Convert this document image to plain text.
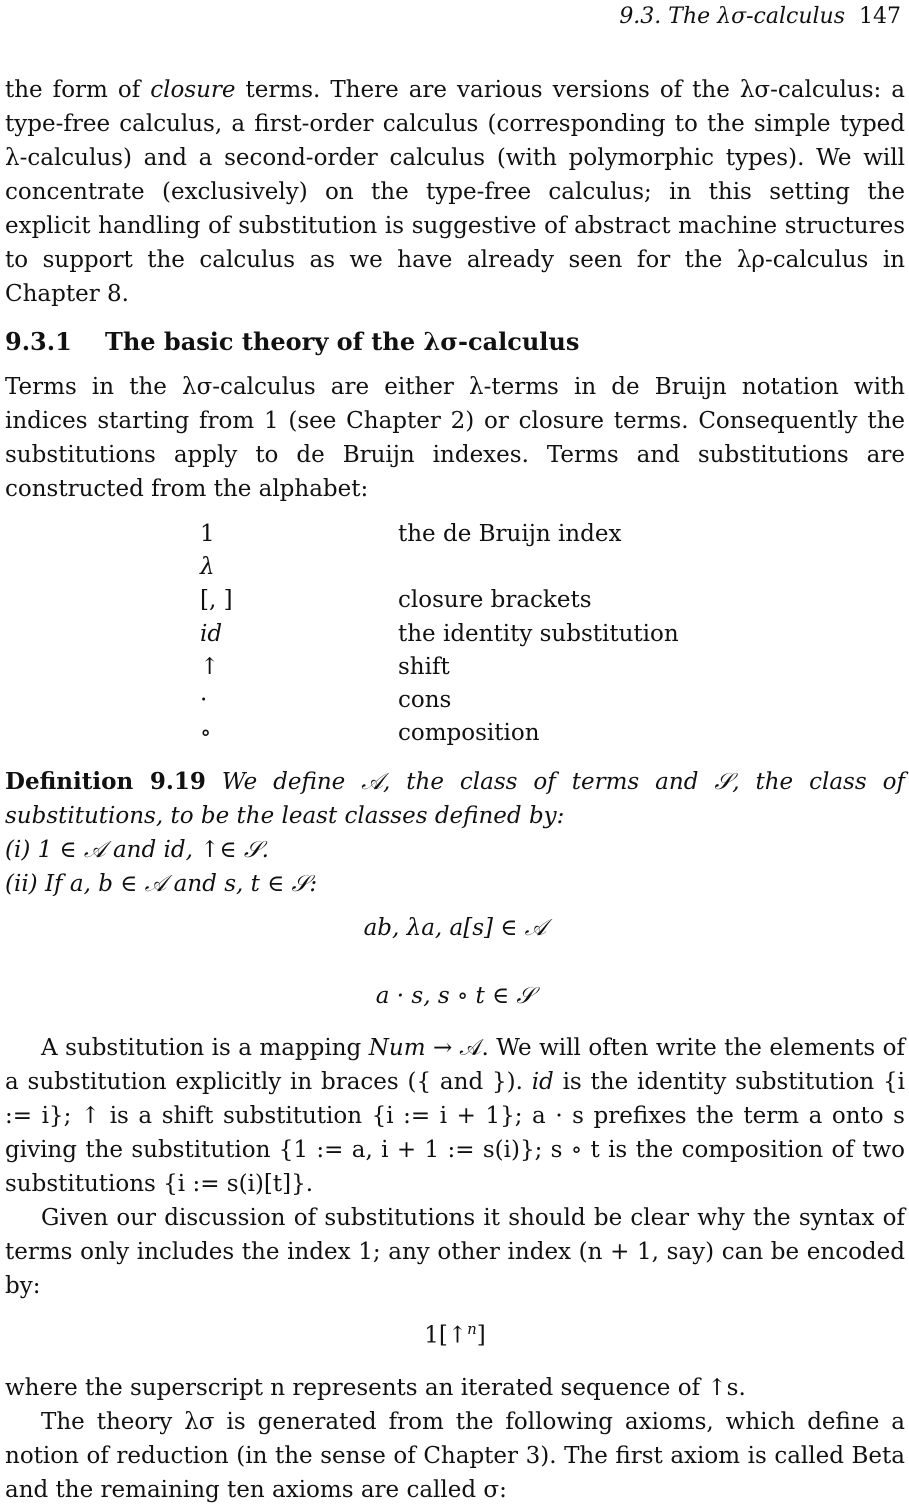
9.3. The λσ-calculus 147

the form of closure terms. There are various versions of the λσ-calculus: a type-free calculus, a first-order calculus (corresponding to the simple typed λ-calculus) and a second-order calculus (with polymorphic types). We will concentrate (exclusively) on the type-free calculus; in this setting the explicit handling of substitution is suggestive of abstract machine structures to support the calculus as we have already seen for the λρ-calculus in Chapter 8.

9.3.1 The basic theory of the λσ-calculus

Terms in the λσ-calculus are either λ-terms in de Bruijn notation with indices starting from 1 (see Chapter 2) or closure terms. Consequently the substitutions apply to de Bruijn indexes. Terms and substitutions are constructed from the alphabet:

1	the de Bruijn index
λ	
[, ]	closure brackets
id	the identity substitution
↑	shift
·	cons
∘	composition

Definition 9.19 We define 𝒜, the class of terms and 𝒮, the class of substitutions, to be the least classes defined by:

(i) 1 ∈ 𝒜 and id, ↑∈ 𝒮.

(ii) If a, b ∈ 𝒜 and s, t ∈ 𝒮:

ab, λa, a[s] ∈ 𝒜
a · s, s ∘ t ∈ 𝒮

A substitution is a mapping Num → 𝒜. We will often write the elements of a substitution explicitly in braces ({ and }). id is the identity substitution {i := i}; ↑ is a shift substitution {i := i + 1}; a · s prefixes the term a onto s giving the substitution {1 := a, i + 1 := s(i)}; s ∘ t is the composition of two substitutions {i := s(i)[t]}.

Given our discussion of substitutions it should be clear why the syntax of terms only includes the index 1; any other index (n + 1, say) can be encoded by:

1[↑$^n$]

where the superscript n represents an iterated sequence of ↑s.

The theory λσ is generated from the following axioms, which define a notion of reduction (in the sense of Chapter 3). The first axiom is called Beta and the remaining ten axioms are called σ:
